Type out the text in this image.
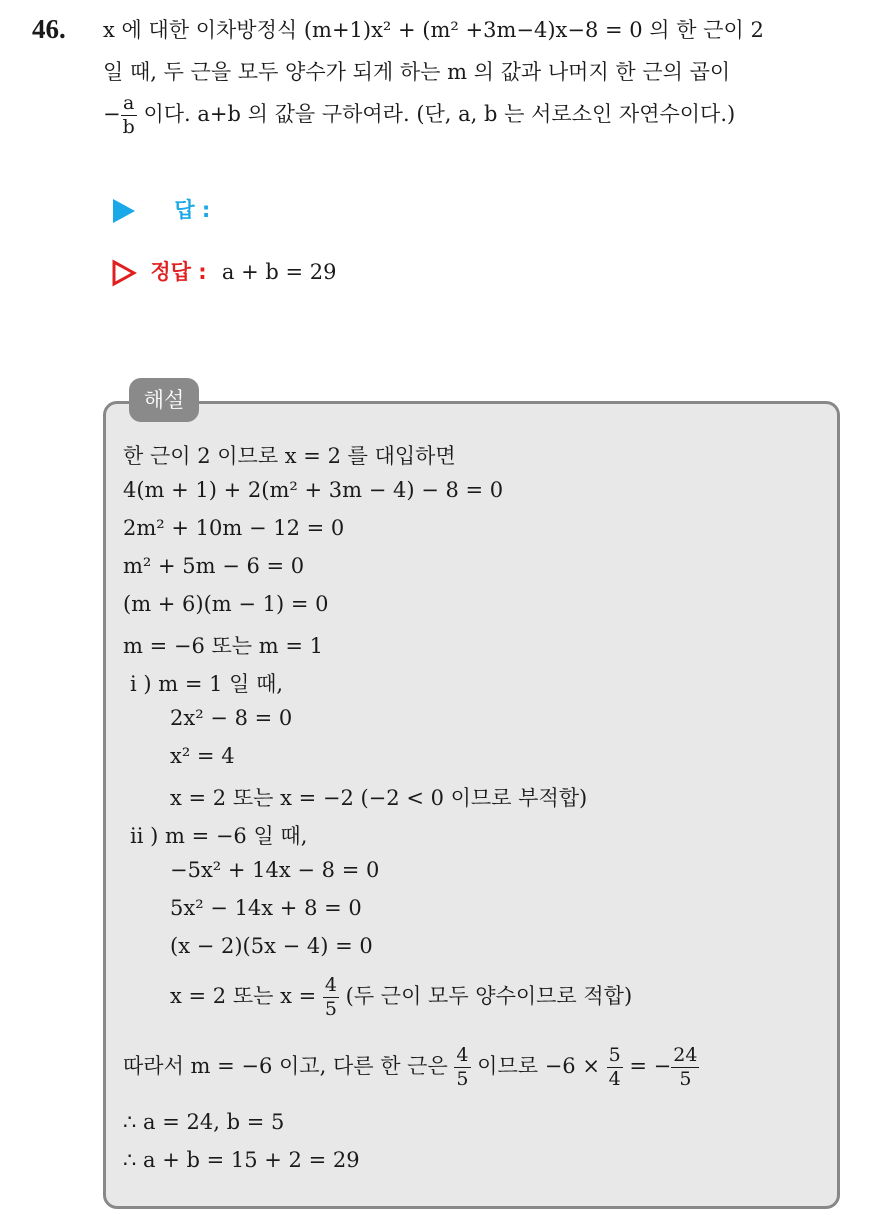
46. x 에 대한 이차방정식 (m+1)x² + (m² +3m−4)x−8 = 0 의 한 근이 2
일 때, 두 근을 모두 양수가 되게 하는 m 의 값과 나머지 한 근의 곱이
− $\frac{a}{b}$ 이다. a+b 의 값을 구하여라. (단, a, b 는 서로소인 자연수이다.)
답 :
정답 : a + b = 29
해설
한 근이 2 이므로 x = 2 를 대입하면
4(m + 1) + 2(m² + 3m − 4) − 8 = 0
2m² + 10m − 12 = 0
m² + 5m − 6 = 0
(m + 6)(m − 1) = 0
m = −6 또는 m = 1
i ) m = 1 일 때,
2x² − 8 = 0
x² = 4
x = 2 또는 x = −2 (−2 < 0 이므로 부적합)
ii ) m = −6 일 때,
−5x² + 14x − 8 = 0
5x² − 14x + 8 = 0
(x − 2)(5x − 4) = 0
x = 2 또는 $x = \frac{4}{5}$ (두 근이 모두 양수이므로 적합)
따라서 m = −6 이고, 다른 한 근은 $\frac{4}{5}$ 이므로 $-6 \times \frac{5}{4}$ = − $\frac{24}{5}$
∴ a = 24, b = 5
∴ a + b = 15 + 2 = 29
